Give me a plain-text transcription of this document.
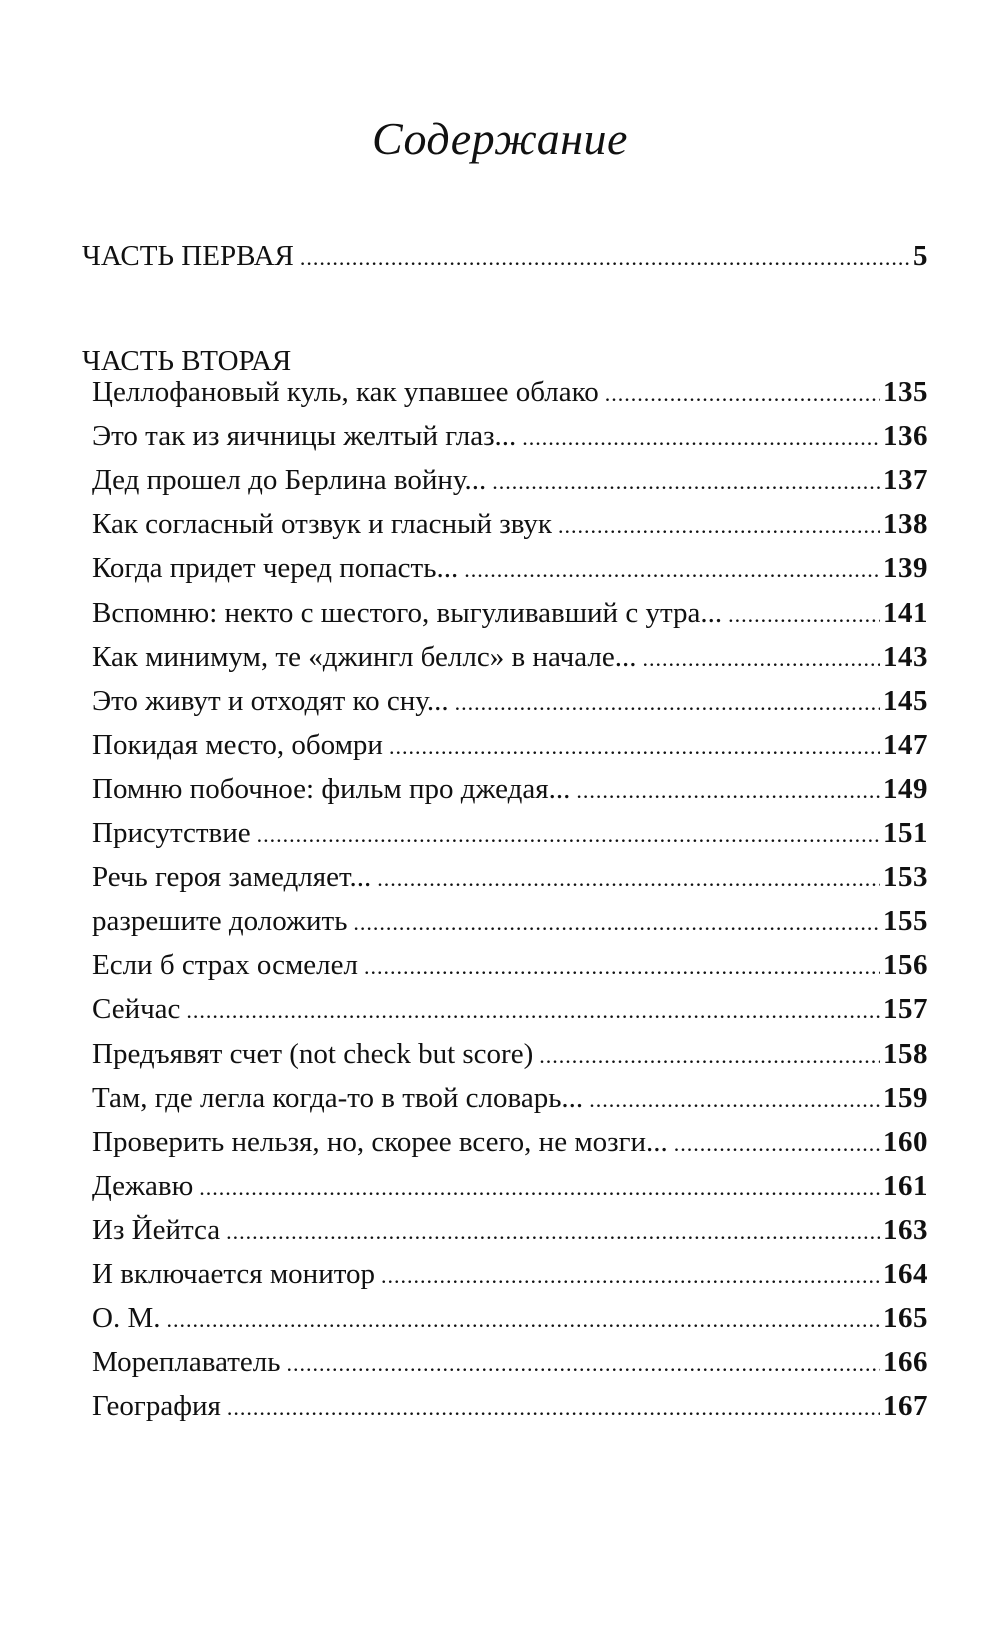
Содержание
ЧАСТЬ ПЕРВАЯ .....	5
ЧАСТЬ ВТОРАЯ
Целлофановый куль, как упавшее облако .....	135
Это так из яичницы желтый глаз... .....	136
Дед прошел до Берлина войну... .....	137
Как согласный отзвук и гласный звук .....	138
Когда придет черед попасть... .....	139
Вспомню: некто с шестого, выгуливавший с утра... .....	141
Как минимум, те «джингл беллс» в начале... .....	143
Это живут и отходят ко сну... .....	145
Покидая место, обомри .....	147
Помню побочное: фильм про джедая... .....	149
Присутствие .....	151
Речь героя замедляет... .....	153
разрешите доложить .....	155
Если б страх осмелел .....	156
Сейчас .....	157
Предъявят счет (not check but score) .....	158
Там, где легла когда-то в твой словарь... .....	159
Проверить нельзя, но, скорее всего, не мозги... .....	160
Дежавю .....	161
Из Йейтса .....	163
И включается монитор .....	164
О. М. .....	165
Мореплаватель .....	166
География .....	167
